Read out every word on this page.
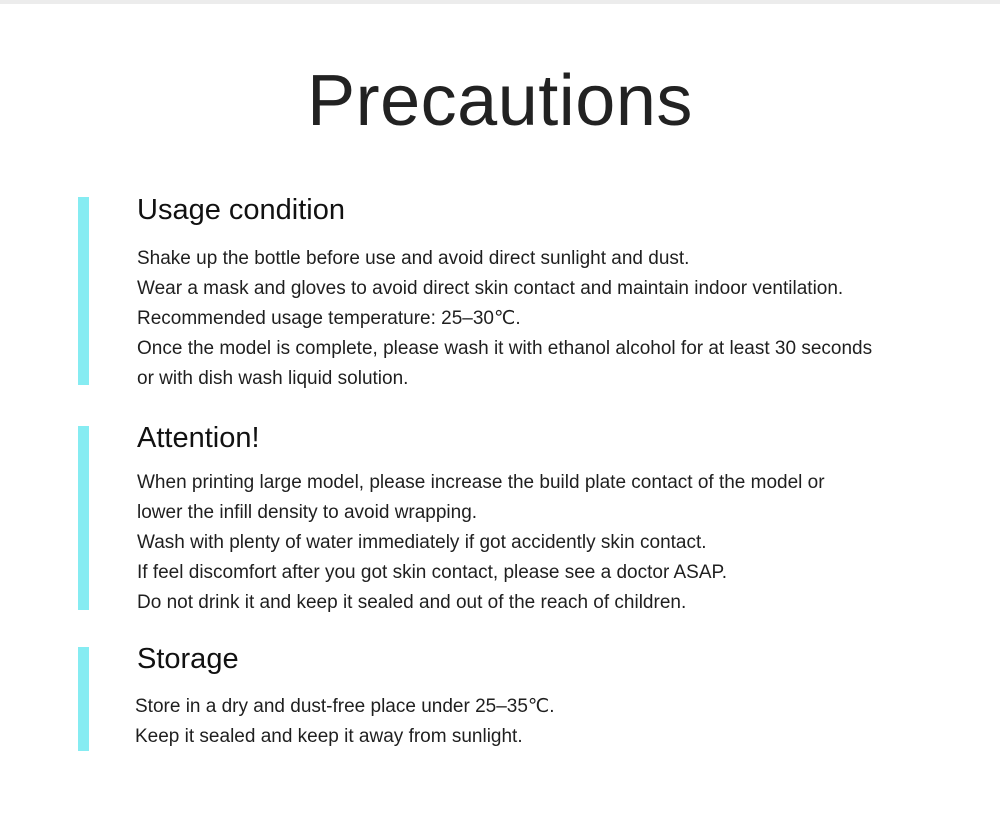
Precautions
Usage condition
Shake up the bottle before use and avoid direct sunlight and dust.
Wear a mask and gloves to avoid direct skin contact and maintain indoor ventilation.
Recommended usage temperature: 25–30℃.
Once the model is complete, please wash it with ethanol alcohol for at least 30 seconds
or with dish wash liquid solution.
Attention!
When printing large model, please increase the build plate contact of the model or
lower the infill density to avoid wrapping.
Wash with plenty of water immediately if got accidently skin contact.
If feel discomfort after you got skin contact, please see a doctor ASAP.
Do not drink it and keep it sealed and out of the reach of children.
Storage
Store in a dry and dust-free place under 25–35℃.
Keep it sealed and keep it away from sunlight.
